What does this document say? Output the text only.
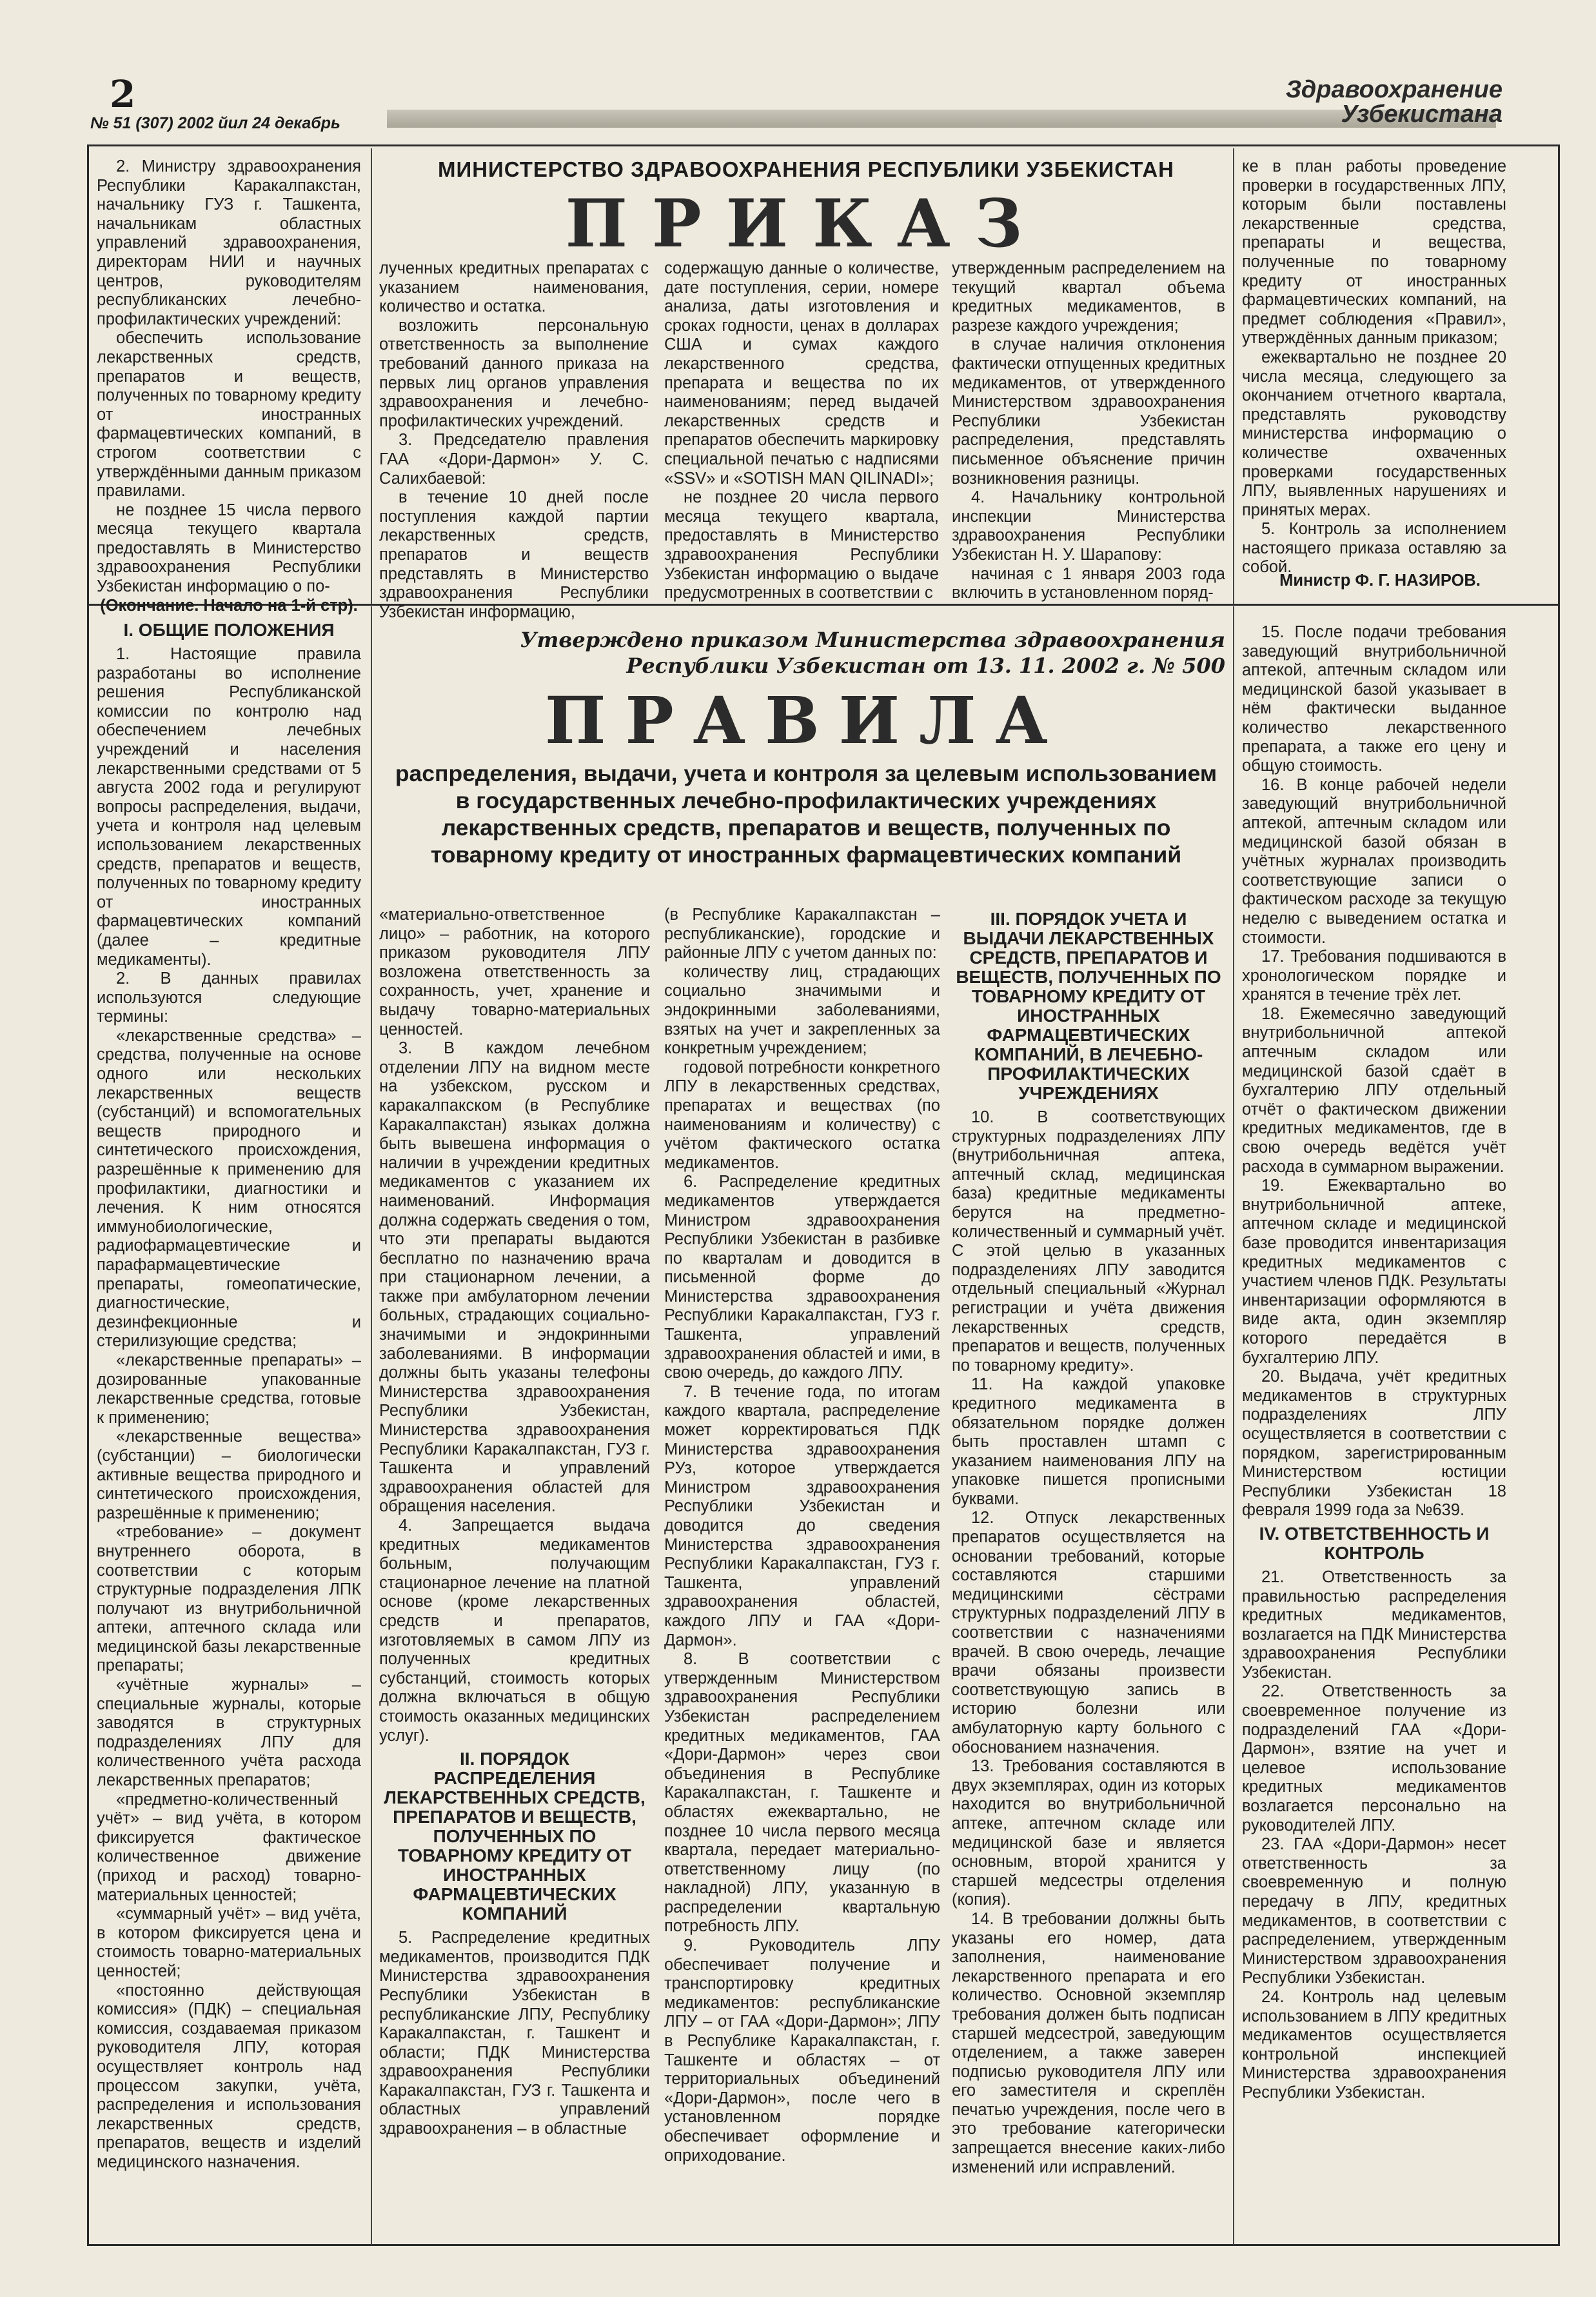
2
№ 51 (307) 2002 йил 24 декабрь
Здравоохранение
Узбекистана
МИНИСТЕРСТВО ЗДРАВООХРАНЕНИЯ РЕСПУБЛИКИ УЗБЕКИСТАН
ПРИКАЗ

2. Министру здравоохранения Республики Каракалпакстан, начальнику ГУЗ г. Ташкента, начальникам областных управлений здравоохранения, директорам НИИ и научных центров, руководителям республиканских лечебно-профилактических учреждений:

обеспечить использование лекарственных средств, препаратов и веществ, полученных по товарному кредиту от иностранных фармацевтических компаний, в строгом соответствии с утверждёнными данным приказом правилами.

не позднее 15 числа первого месяца текущего квартала предоставлять в Министерство здравоохранения Республики Узбекистан информацию о по-

(Окончание. Начало на 1-й стр).

лученных кредитных препаратах с указанием наименования, количество и остатка.

возложить персональную ответственность за выполнение требований данного приказа на первых лиц органов управления здравоохранения и лечебно-профилактических учреждений.

3. Председателю правления ГАА «Дори-Дармон» У. С. Салихбаевой:

в течение 10 дней после поступления каждой партии лекарственных средств, препаратов и веществ представлять в Министерство здравоохранения Республики Узбекистан информацию,

содержащую данные о количестве, дате поступления, серии, номере анализа, даты изготовления и сроках годности, ценах в долларах США и сумах каждого лекарственного средства, препарата и вещества по их наименованиям; перед выдачей лекарственных средств и препаратов обеспечить маркировку специальной печатью с надписями «SSV» и «SOTISH MAN QILINADI»;

не позднее 20 числа первого месяца текущего квартала, предоставлять в Министерство здравоохранения Республики Узбекистан информацию о выдаче предусмотренных в соответствии с

утвержденным распределением на текущий квартал объема кредитных медикаментов, в разрезе каждого учреждения;

в случае наличия отклонения фактически отпущенных кредитных медикаментов, от утвержденного Министерством здравоохранения Республики Узбекистан распределения, представлять письменное объяснение причин возникновения разницы.

4. Начальнику контрольной инспекции Министерства здравоохранения Республики Узбекистан Н. У. Шарапову:

начиная с 1 января 2003 года включить в установленном поряд-

ке в план работы проведение проверки в государственных ЛПУ, которым были поставлены лекарственные средства, препараты и вещества, полученные по товарному кредиту от иностранных фармацевтических компаний, на предмет соблюдения «Правил», утверждённых данным приказом;

ежеквартально не позднее 20 числа месяца, следующего за окончанием отчетного квартала, представлять руководству министерства информацию о количестве охваченных проверками государственных ЛПУ, выявленных нарушениях и принятых мерах.

5. Контроль за исполнением настоящего приказа оставляю за собой.

Министр Ф. Г. НАЗИРОВ.
Утверждено приказом Министерства здравоохранения Республики Узбекистан от 13. 11. 2002 г. № 500
ПРАВИЛА
распределения, выдачи, учета и контроля за целевым использованием в государственных лечебно-профилактических учреждениях лекарственных средств, препаратов и веществ, полученных по товарному кредиту от иностранных фармацевтических компаний

I. ОБЩИЕ ПОЛОЖЕНИЯ

1. Настоящие правила разработаны во исполнение решения Республиканской комиссии по контролю над обеспечением лечебных учреждений и населения лекарственными средствами от 5 августа 2002 года и регулируют вопросы распределения, выдачи, учета и контроля над целевым использованием лекарственных средств, препаратов и веществ, полученных по товарному кредиту от иностранных фармацевтических компаний (далее – кредитные медикаменты).

2. В данных правилах используются следующие термины:

«лекарственные средства» – средства, полученные на основе одного или нескольких лекарственных веществ (субстанций) и вспомогательных веществ природного и синтетического происхождения, разрешённые к применению для профилактики, диагностики и лечения. К ним относятся иммунобиологические, радиофармацевтические и парафармацевтические препараты, гомеопатические, диагностические, дезинфекционные и стерилизующие средства;

«лекарственные препараты» – дозированные упакованные лекарственные средства, готовые к применению;

«лекарственные вещества» (субстанции) – биологически активные вещества природного и синтетического происхождения, разрешённые к применению;

«требование» – документ внутреннего оборота, в соответствии с которым структурные подразделения ЛПК получают из внутрибольничной аптеки, аптечного склада или медицинской базы лекарственные препараты;

«учётные журналы» – специальные журналы, которые заводятся в структурных подразделениях ЛПУ для количественного учёта расхода лекарственных препаратов;

«предметно-количественный учёт» – вид учёта, в котором фиксируется фактическое количественное движение (приход и расход) товарно-материальных ценностей;

«суммарный учёт» – вид учёта, в котором фиксируется цена и стоимость товарно-материальных ценностей;

«постоянно действующая комиссия» (ПДК) – специальная комиссия, создаваемая приказом руководителя ЛПУ, которая осуществляет контроль над процессом закупки, учёта, распределения и использования лекарственных средств, препаратов, веществ и изделий медицинского назначения.

«материально-ответственное лицо» – работник, на которого приказом руководителя ЛПУ возложена ответственность за сохранность, учет, хранение и выдачу товарно-материальных ценностей.

3. В каждом лечебном отделении ЛПУ на видном месте на узбекском, русском и каракалпакском (в Республике Каракалпакстан) языках должна быть вывешена информация о наличии в учреждении кредитных медикаментов с указанием их наименований. Информация должна содержать сведения о том, что эти препараты выдаются бесплатно по назначению врача при стационарном лечении, а также при амбулаторном лечении больных, страдающих социально-значимыми и эндокринными заболеваниями. В информации должны быть указаны телефоны Министерства здравоохранения Республики Узбекистан, Министерства здравоохранения Республики Каракалпакстан, ГУЗ г. Ташкента и управлений здравоохранения областей для обращения населения.

4. Запрещается выдача кредитных медикаментов больным, получающим стационарное лечение на платной основе (кроме лекарственных средств и препаратов, изготовляемых в самом ЛПУ из полученных кредитных субстанций, стоимость которых должна включаться в общую стоимость оказанных медицинских услуг).

II. ПОРЯДОК РАСПРЕДЕЛЕНИЯ ЛЕКАРСТВЕННЫХ СРЕДСТВ, ПРЕПАРАТОВ И ВЕЩЕСТВ, ПОЛУЧЕННЫХ ПО ТОВАРНОМУ КРЕДИТУ ОТ ИНОСТРАННЫХ ФАРМАЦЕВТИЧЕСКИХ КОМПАНИЙ

5. Распределение кредитных медикаментов, производится ПДК Министерства здравоохранения Республики Узбекистан в республиканские ЛПУ, Республику Каракалпакстан, г. Ташкент и области; ПДК Министерства здравоохранения Республики Каракалпакстан, ГУЗ г. Ташкента и областных управлений здравоохранения – в областные

(в Республике Каракалпакстан – республиканские), городские и районные ЛПУ с учетом данных по:

количеству лиц, страдающих социально значимыми и эндокринными заболеваниями, взятых на учет и закрепленных за конкретным учреждением;

годовой потребности конкретного ЛПУ в лекарственных средствах, препаратах и веществах (по наименованиям и количеству) с учётом фактического остатка медикаментов.

6. Распределение кредитных медикаментов утверждается Министром здравоохранения Республики Узбекистан в разбивке по кварталам и доводится в письменной форме до Министерства здравоохранения Республики Каракалпакстан, ГУЗ г. Ташкента, управлений здравоохранения областей и ими, в свою очередь, до каждого ЛПУ.

7. В течение года, по итогам каждого квартала, распределение может корректироваться ПДК Министерства здравоохранения РУз, которое утверждается Министром здравоохранения Республики Узбекистан и доводится до сведения Министерства здравоохранения Республики Каракалпакстан, ГУЗ г. Ташкента, управлений здравоохранения областей, каждого ЛПУ и ГАА «Дори-Дармон».

8. В соответствии с утвержденным Министерством здравоохранения Республики Узбекистан распределением кредитных медикаментов, ГАА «Дори-Дармон» через свои объединения в Республике Каракалпакстан, г. Ташкенте и областях ежеквартально, не позднее 10 числа первого месяца квартала, передает материально-ответственному лицу (по накладной) ЛПУ, указанную в распределении квартальную потребность ЛПУ.

9. Руководитель ЛПУ обеспечивает получение и транспортировку кредитных медикаментов: республиканские ЛПУ – от ГАА «Дори-Дармон»; ЛПУ в Республике Каракалпакстан, г. Ташкенте и областях – от территориальных объединений «Дори-Дармон», после чего в установленном порядке обеспечивает оформление и оприходование.

III. ПОРЯДОК УЧЕТА И ВЫДАЧИ ЛЕКАРСТВЕННЫХ СРЕДСТВ, ПРЕПАРАТОВ И ВЕЩЕСТВ, ПОЛУЧЕННЫХ ПО ТОВАРНОМУ КРЕДИТУ ОТ ИНОСТРАННЫХ ФАРМАЦЕВТИЧЕСКИХ КОМПАНИЙ, В ЛЕЧЕБНО-ПРОФИЛАКТИЧЕСКИХ УЧРЕЖДЕНИЯХ

10. В соответствующих структурных подразделениях ЛПУ (внутрибольничная аптека, аптечный склад, медицинская база) кредитные медикаменты берутся на предметно-количественный и суммарный учёт. С этой целью в указанных подразделениях ЛПУ заводится отдельный специальный «Журнал регистрации и учёта движения лекарственных средств, препаратов и веществ, полученных по товарному кредиту».

11. На каждой упаковке кредитного медикамента в обязательном порядке должен быть проставлен штамп с указанием наименования ЛПУ на упаковке пишется прописными буквами.

12. Отпуск лекарственных препаратов осуществляется на основании требований, которые составляются старшими медицинскими сёстрами структурных подразделений ЛПУ в соответствии с назначениями врачей. В свою очередь, лечащие врачи обязаны произвести соответствующую запись в историю болезни или амбулаторную карту больного с обоснованием назначения.

13. Требования составляются в двух экземплярах, один из которых находится во внутрибольничной аптеке, аптечном складе или медицинской базе и является основным, второй хранится у старшей медсестры отделения (копия).

14. В требовании должны быть указаны его номер, дата заполнения, наименование лекарственного препарата и его количество. Основной экземпляр требования должен быть подписан старшей медсестрой, заведующим отделением, а также заверен подписью руководителя ЛПУ или его заместителя и скреплён печатью учреждения, после чего в это требование категорически запрещается внесение каких-либо изменений или исправлений.

15. После подачи требования заведующий внутрибольничной аптекой, аптечным складом или медицинской базой указывает в нём фактически выданное количество лекарственного препарата, а также его цену и общую стоимость.

16. В конце рабочей недели заведующий внутрибольничной аптекой, аптечным складом или медицинской базой обязан в учётных журналах производить соответствующие записи о фактическом расходе за текущую неделю с выведением остатка и стоимости.

17. Требования подшиваются в хронологическом порядке и хранятся в течение трёх лет.

18. Ежемесячно заведующий внутрибольничной аптекой аптечным складом или медицинской базой сдаёт в бухгалтерию ЛПУ отдельный отчёт о фактическом движении кредитных медикаментов, где в свою очередь ведётся учёт расхода в суммарном выражении.

19. Ежеквартально во внутрибольничной аптеке, аптечном складе и медицинской базе проводится инвентаризация кредитных медикаментов с участием членов ПДК. Результаты инвентаризации оформляются в виде акта, один экземпляр которого передаётся в бухгалтерию ЛПУ.

20. Выдача, учёт кредитных медикаментов в структурных подразделениях ЛПУ осуществляется в соответствии с порядком, зарегистрированным Министерством юстиции Республики Узбекистан 18 февраля 1999 года за №639.

IV. ОТВЕТСТВЕННОСТЬ И КОНТРОЛЬ

21. Ответственность за правильностью распределения кредитных медикаментов, возлагается на ПДК Министерства здравоохранения Республики Узбекистан.

22. Ответственность за своевременное получение из подразделений ГАА «Дори-Дармон», взятие на учет и целевое использование кредитных медикаментов возлагается персонально на руководителей ЛПУ.

23. ГАА «Дори-Дармон» несет ответственность за своевременную и полную передачу в ЛПУ, кредитных медикаментов, в соответствии с распределением, утвержденным Министерством здравоохранения Республики Узбекистан.

24. Контроль над целевым использованием в ЛПУ кредитных медикаментов осуществляется контрольной инспекцией Министерства здравоохранения Республики Узбекистан.
